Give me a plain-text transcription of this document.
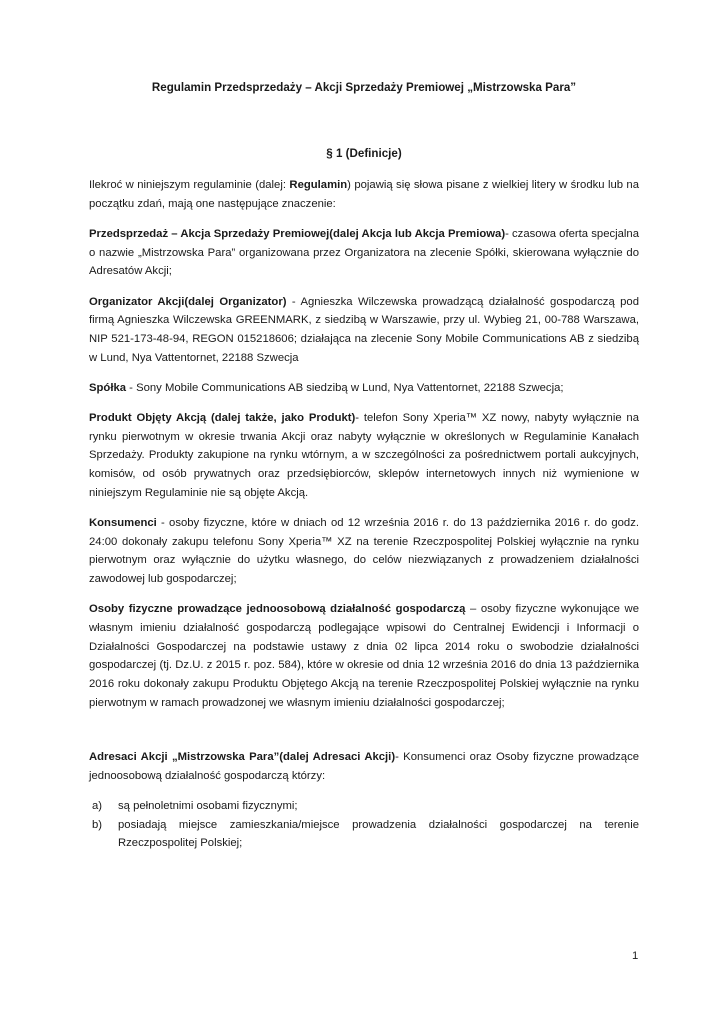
Regulamin Przedsprzedaży – Akcji Sprzedaży Premiowej „Mistrzowska Para”
§ 1 (Definicje)

Ilekroć w niniejszym regulaminie (dalej: Regulamin) pojawią się słowa pisane z wielkiej litery w środku lub na początku zdań, mają one następujące znaczenie:

Przedsprzedaż – Akcja Sprzedaży Premiowej(dalej Akcja lub Akcja Premiowa)- czasowa oferta specjalna o nazwie „Mistrzowska Para” organizowana przez Organizatora na zlecenie Spółki, skierowana wyłącznie do Adresatów Akcji;

Organizator Akcji(dalej Organizator) - Agnieszka Wilczewska prowadzącą działalność gospodarczą pod firmą Agnieszka Wilczewska GREENMARK, z siedzibą w Warszawie, przy ul. Wybieg 21, 00-788 Warszawa, NIP 521-173-48-94, REGON 015218606; działająca na zlecenie Sony Mobile Communications AB z siedzibą w Lund, Nya Vattentornet, 22188 Szwecja

Spółka - Sony Mobile Communications AB siedzibą w Lund, Nya Vattentornet, 22188 Szwecja;

Produkt Objęty Akcją (dalej także, jako Produkt)- telefon Sony Xperia™ XZ nowy, nabyty wyłącznie na rynku pierwotnym w okresie trwania Akcji oraz nabyty wyłącznie w określonych w Regulaminie Kanałach Sprzedaży. Produkty zakupione na rynku wtórnym, a w szczególności za pośrednictwem portali aukcyjnych, komisów, od osób prywatnych oraz przedsiębiorców, sklepów internetowych innych niż wymienione w niniejszym Regulaminie nie są objęte Akcją.

Konsumenci - osoby fizyczne, które w dniach od 12 września 2016 r. do 13 października 2016 r. do godz. 24:00 dokonały zakupu telefonu Sony Xperia™ XZ na terenie Rzeczpospolitej Polskiej wyłącznie na rynku pierwotnym oraz wyłącznie do użytku własnego, do celów niezwiązanych z prowadzeniem działalności zawodowej lub gospodarczej;

Osoby fizyczne prowadzące jednoosobową działalność gospodarczą – osoby fizyczne wykonujące we własnym imieniu działalność gospodarczą podlegające wpisowi do Centralnej Ewidencji i Informacji o Działalności Gospodarczej na podstawie ustawy z dnia 02 lipca 2014 roku o swobodzie działalności gospodarczej (tj. Dz.U. z 2015 r. poz. 584), które w okresie od dnia 12 września 2016 do dnia 13 października 2016 roku dokonały zakupu Produktu Objętego Akcją na terenie Rzeczpospolitej Polskiej wyłącznie na rynku pierwotnym w ramach prowadzonej we własnym imieniu działalności gospodarczej;

Adresaci Akcji „Mistrzowska Para”(dalej Adresaci Akcji)- Konsumenci oraz Osoby fizyczne prowadzące jednoosobową działalność gospodarczą którzy:

a) są pełnoletnimi osobami fizycznymi;
b) posiadają miejsce zamieszkania/miejsce prowadzenia działalności gospodarczej na terenie Rzeczpospolitej Polskiej;
1
